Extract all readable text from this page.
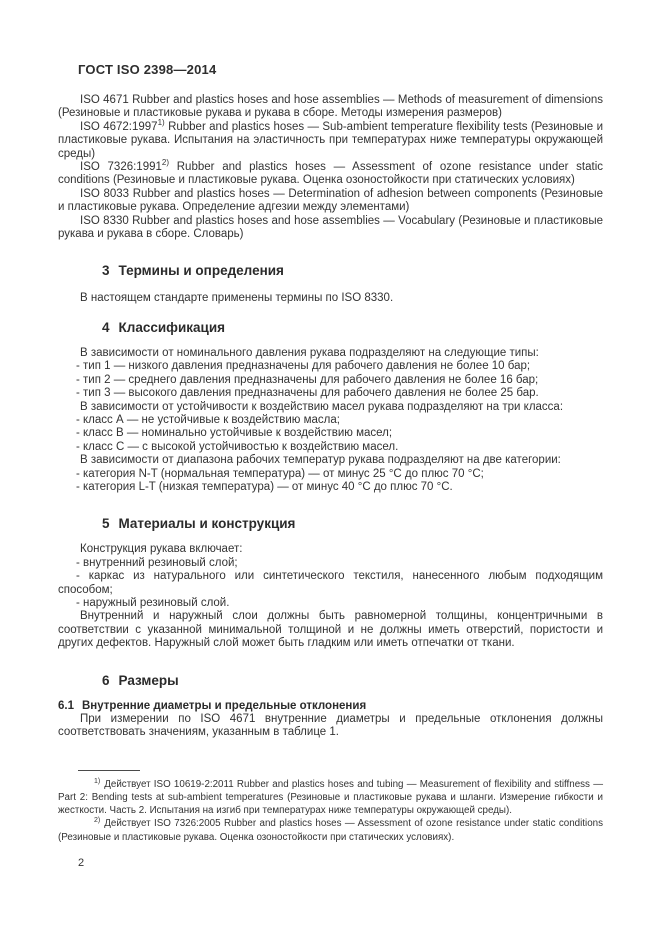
ГОСТ ISO 2398—2014

ISO 4671 Rubber and plastics hoses and hose assemblies — Methods of measurement of dimensions (Резиновые и пластиковые рукава и рукава в сборе. Методы измерения размеров)

ISO 4672:1997$^{1)}$ Rubber and plastics hoses — Sub-ambient temperature flexibility tests (Резиновые и пластиковые рукава. Испытания на эластичность при температурах ниже температуры окружающей среды)

ISO 7326:1991$^{2)}$ Rubber and plastics hoses — Assessment of ozone resistance under static conditions (Резиновые и пластиковые рукава. Оценка озоностойкости при статических условиях)

ISO 8033 Rubber and plastics hoses — Determination of adhesion between components (Резиновые и пластиковые рукава. Определение адгезии между элементами)

ISO 8330 Rubber and plastics hoses and hose assemblies — Vocabulary (Резиновые и пластиковые рукава и рукава в сборе. Словарь)

3 Термины и определения

В настоящем стандарте применены термины по ISO 8330.

4 Классификация

В зависимости от номинального давления рукава подразделяют на следующие типы:

- тип 1 — низкого давления предназначены для рабочего давления не более 10 бар;

- тип 2 — среднего давления предназначены для рабочего давления не более 16 бар;

- тип 3 — высокого давления предназначены для рабочего давления не более 25 бар.

В зависимости от устойчивости к воздействию масел рукава подразделяют на три класса:

- класс А — не устойчивые к воздействию масла;

- класс В — номинально устойчивые к воздействию масел;

- класс С — с высокой устойчивостью к воздействию масел.

В зависимости от диапазона рабочих температур рукава подразделяют на две категории:

- категория N-T (нормальная температура) — от минус 25 °С до плюс 70 °С;

- категория L-T (низкая температура) — от минус 40 °С до плюс 70 °С.

5 Материалы и конструкция

Конструкция рукава включает:

- внутренний резиновый слой;

- каркас из натурального или синтетического текстиля, нанесенного любым подходящим способом;

- наружный резиновый слой.

Внутренний и наружный слои должны быть равномерной толщины, концентричными в соответствии с указанной минимальной толщиной и не должны иметь отверстий, пористости и других дефектов. Наружный слой может быть гладким или иметь отпечатки от ткани.

6 Размеры

6.1 Внутренние диаметры и предельные отклонения

При измерении по ISO 4671 внутренние диаметры и предельные отклонения должны соответствовать значениям, указанным в таблице 1.

$^{1)}$ Действует ISO 10619-2:2011 Rubber and plastics hoses and tubing — Measurement of flexibility and stiffness — Part 2: Bending tests at sub-ambient temperatures (Резиновые и пластиковые рукава и шланги. Измерение гибкости и жесткости. Часть 2. Испытания на изгиб при температурах ниже температуры окружающей среды).

$^{2)}$ Действует ISO 7326:2005 Rubber and plastics hoses — Assessment of ozone resistance under static conditions (Резиновые и пластиковые рукава. Оценка озоностойкости при статических условиях).

2
